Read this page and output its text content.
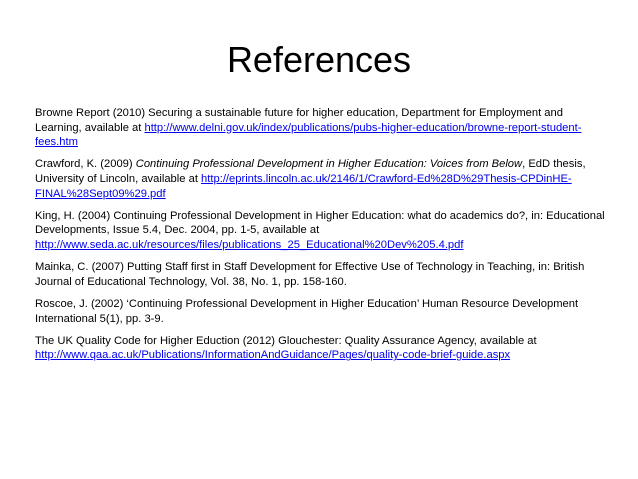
References

Browne Report (2010) Securing a sustainable future for higher education, Department for Employment and Learning, available at http://www.delni.gov.uk/index/publications/pubs-higher-education/browne-report-student-fees.htm

Crawford, K. (2009) Continuing Professional Development in Higher Education: Voices from Below, EdD thesis, University of Lincoln, available at http://eprints.lincoln.ac.uk/2146/1/Crawford-Ed%28D%29Thesis-CPDinHE-FINAL%28Sept09%29.pdf

King, H. (2004) Continuing Professional Development in Higher Education: what do academics do?, in: Educational Developments, Issue 5.4, Dec. 2004, pp. 1-5, available at http://www.seda.ac.uk/resources/files/publications_25_Educational%20Dev%205.4.pdf

Mainka, C. (2007) Putting Staff first in Staff Development for Effective Use of Technology in Teaching, in: British Journal of Educational Technology, Vol. 38, No. 1, pp. 158-160.

Roscoe, J. (2002) ‘Continuing Professional Development in Higher Education’ Human Resource Development International 5(1), pp. 3-9.

The UK Quality Code for Higher Eduction (2012) Glouchester: Quality Assurance Agency, available at http://www.qaa.ac.uk/Publications/InformationAndGuidance/Pages/quality-code-brief-guide.aspx
